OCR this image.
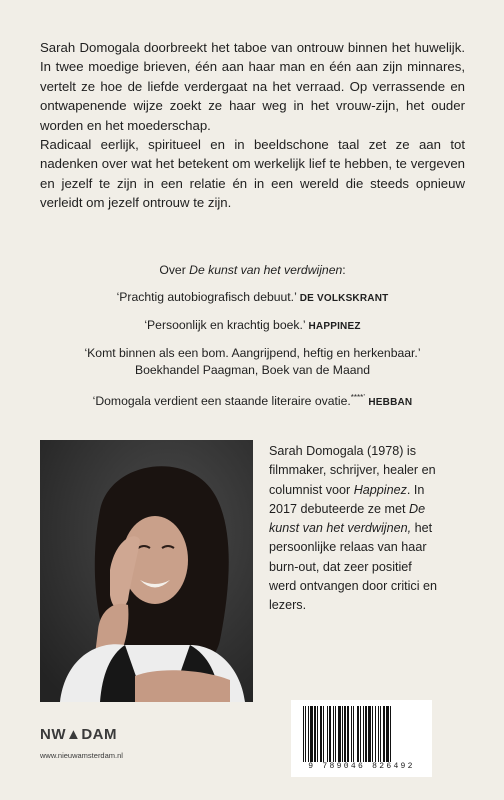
Sarah Domogala doorbreekt het taboe van ontrouw binnen het huwelijk. In twee moedige brieven, één aan haar man en één aan zijn minnares, vertelt ze hoe de liefde verdergaat na het verraad. Op verrassende en ontwapenende wijze zoekt ze haar weg in het vrouw-zijn, het ouder worden en het moederschap.

Radicaal eerlijk, spiritueel en in beeldschone taal zet ze aan tot nadenken over wat het betekent om werkelijk lief te hebben, te vergeven en jezelf te zijn in een relatie én in een wereld die steeds opnieuw verleidt om jezelf ontrouw te zijn.

Over De kunst van het verdwijnen:

‘Prachtig autobiografisch debuut.’ DE VOLKSKRANT

‘Persoonlijk en krachtig boek.’ HAPPINEZ

‘Komt binnen als een bom. Aangrijpend, heftig en herkenbaar.’
Boekhandel Paagman, Boek van de Maand

‘Domogala verdient een staande literaire ovatie.****’ HEBBAN

Sarah Domogala (1978) is filmmaker, schrijver, healer en columnist voor Happinez. In 2017 debuteerde ze met De kunst van het verdwijnen, het persoonlijke relaas van haar burn-out, dat zeer positief werd ontvangen door critici en lezers.

NW▲DAM
www.nieuwamsterdam.nl
9 789046 826492
